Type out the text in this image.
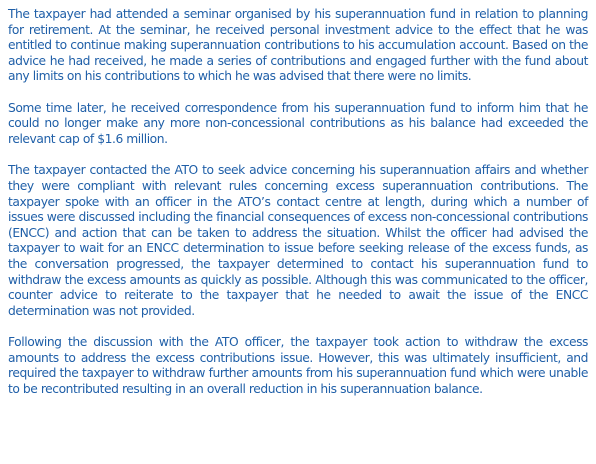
The taxpayer had attended a seminar organised by his superannuation fund in relation to planning for retirement. At the seminar, he received personal investment advice to the effect that he was entitled to continue making superannuation contributions to his accumulation account. Based on the advice he had received, he made a series of contributions and engaged further with the fund about any limits on his contributions to which he was advised that there were no limits.

Some time later, he received correspondence from his superannuation fund to inform him that he could no longer make any more non-concessional contributions as his balance had exceeded the relevant cap of $1.6 million.

The taxpayer contacted the ATO to seek advice concerning his superannuation affairs and whether they were compliant with relevant rules concerning excess superannuation contributions. The taxpayer spoke with an officer in the ATO’s contact centre at length, during which a number of issues were discussed including the financial consequences of excess non-concessional contributions (ENCC) and action that can be taken to address the situation. Whilst the officer had advised the taxpayer to wait for an ENCC determination to issue before seeking release of the excess funds, as the conversation progressed, the taxpayer determined to contact his superannuation fund to withdraw the excess amounts as quickly as possible. Although this was communicated to the officer, counter advice to reiterate to the taxpayer that he needed to await the issue of the ENCC determination was not provided.

Following the discussion with the ATO officer, the taxpayer took action to withdraw the excess amounts to address the excess contributions issue. However, this was ultimately insufficient, and required the taxpayer to withdraw further amounts from his superannuation fund which were unable to be recontributed resulting in an overall reduction in his superannuation balance.
